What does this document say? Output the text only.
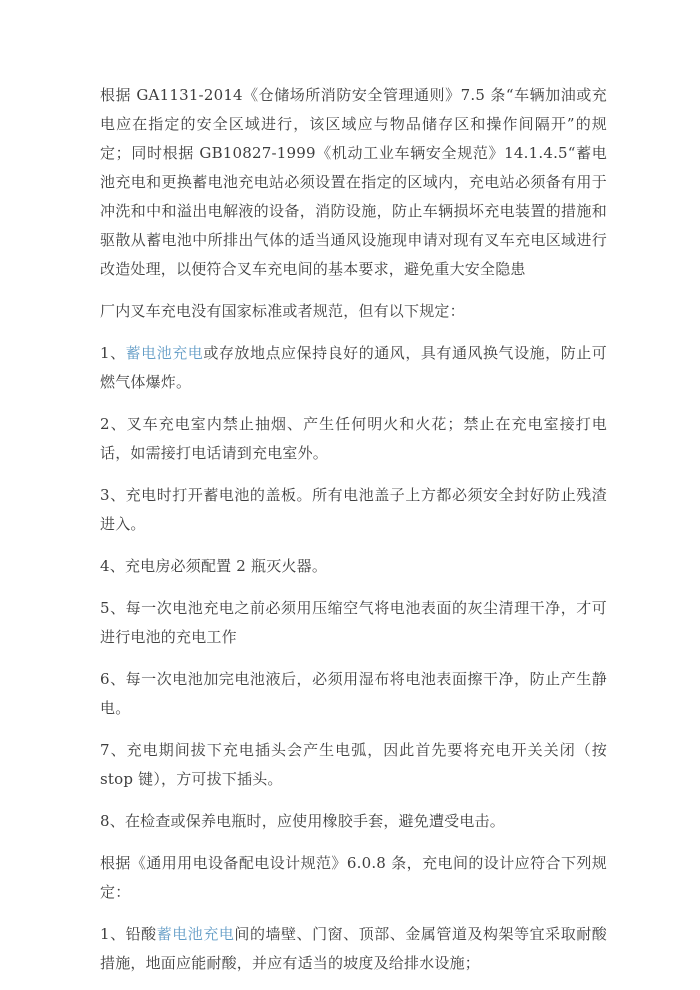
根据 GA1131-2014《仓储场所消防安全管理通则》7.5 条“车辆加油或充电应在指定的安全区域进行，该区域应与物品储存区和操作间隔开”的规定；同时根据 GB10827-1999《机动工业车辆安全规范》14.1.4.5“蓄电池充电和更换蓄电池充电站必须设置在指定的区域内，充电站必须备有用于冲洗和中和溢出电解液的设备，消防设施，防止车辆损坏充电装置的措施和驱散从蓄电池中所排出气体的适当通风设施现申请对现有叉车充电区域进行改造处理，以便符合叉车充电间的基本要求，避免重大安全隐患

厂内叉车充电没有国家标准或者规范，但有以下规定：

1、蓄电池充电或存放地点应保持良好的通风，具有通风换气设施，防止可燃气体爆炸。

2、叉车充电室内禁止抽烟、产生任何明火和火花；禁止在充电室接打电话，如需接打电话请到充电室外。

3、充电时打开蓄电池的盖板。所有电池盖子上方都必须安全封好防止残渣进入。

4、充电房必须配置 2 瓶灭火器。

5、每一次电池充电之前必须用压缩空气将电池表面的灰尘清理干净，才可进行电池的充电工作

6、每一次电池加完电池液后，必须用湿布将电池表面擦干净，防止产生静电。

7、充电期间拔下充电插头会产生电弧，因此首先要将充电开关关闭（按 stop 键），方可拔下插头。

8、在检查或保养电瓶时，应使用橡胶手套，避免遭受电击。

根据《通用用电设备配电设计规范》6.0.8 条，充电间的设计应符合下列规定：

1、铅酸蓄电池充电间的墙壁、门窗、顶部、金属管道及构架等宜采取耐酸措施，地面应能耐酸，并应有适当的坡度及给排水设施；
